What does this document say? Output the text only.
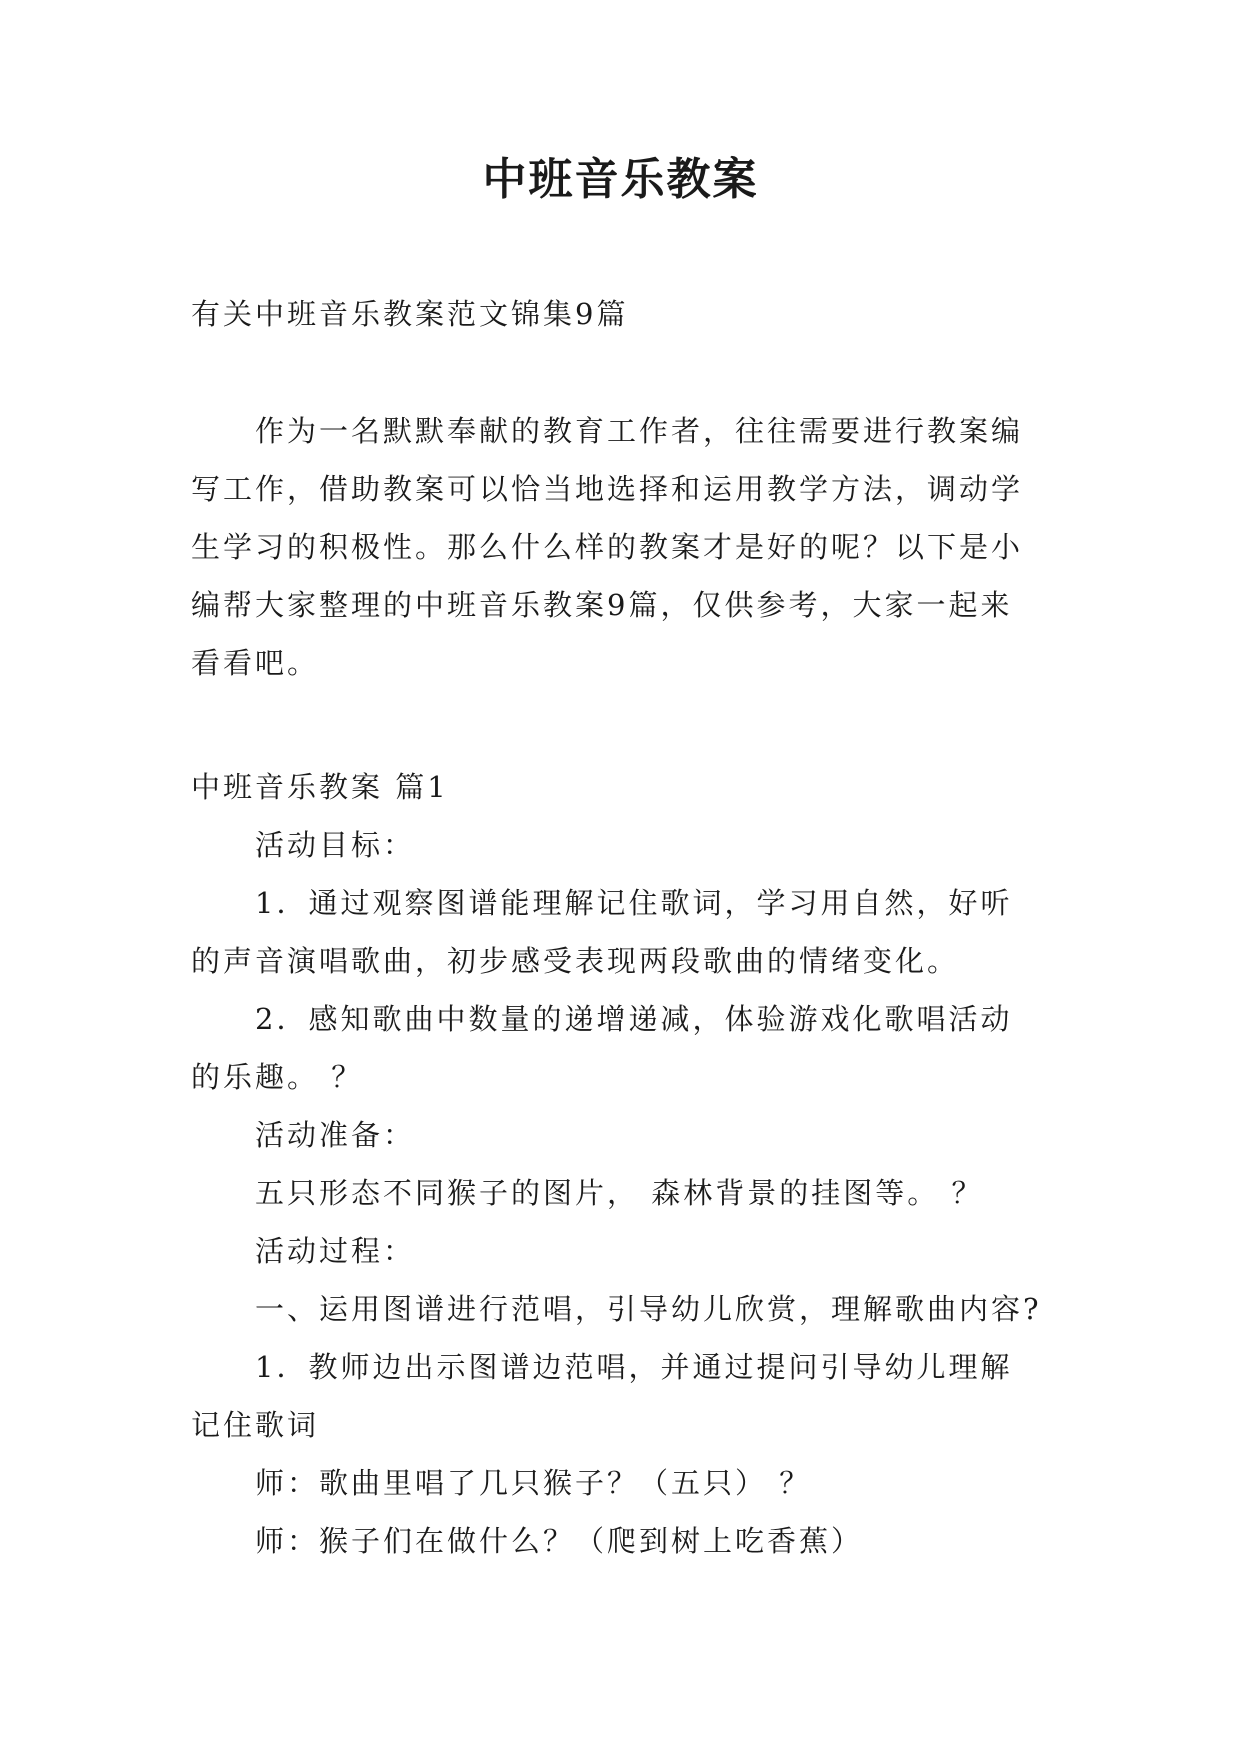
中班音乐教案
有关中班音乐教案范文锦集9篇
作为一名默默奉献的教育工作者，往往需要进行教案编
写工作，借助教案可以恰当地选择和运用教学方法，调动学
生学习的积极性。那么什么样的教案才是好的呢？以下是小
编帮大家整理的中班音乐教案9篇，仅供参考，大家一起来
看看吧。
中班音乐教案 篇1
活动目标：
1．通过观察图谱能理解记住歌词，学习用自然，好听
的声音演唱歌曲，初步感受表现两段歌曲的情绪变化。
2．感知歌曲中数量的递增递减，体验游戏化歌唱活动
的乐趣。 ？
活动准备：
五只形态不同猴子的图片， 森林背景的挂图等。 ？
活动过程：
一、运用图谱进行范唱，引导幼儿欣赏，理解歌曲内容?
1．教师边出示图谱边范唱，并通过提问引导幼儿理解
记住歌词
师：歌曲里唱了几只猴子？（五只） ？
师：猴子们在做什么？（爬到树上吃香蕉）
